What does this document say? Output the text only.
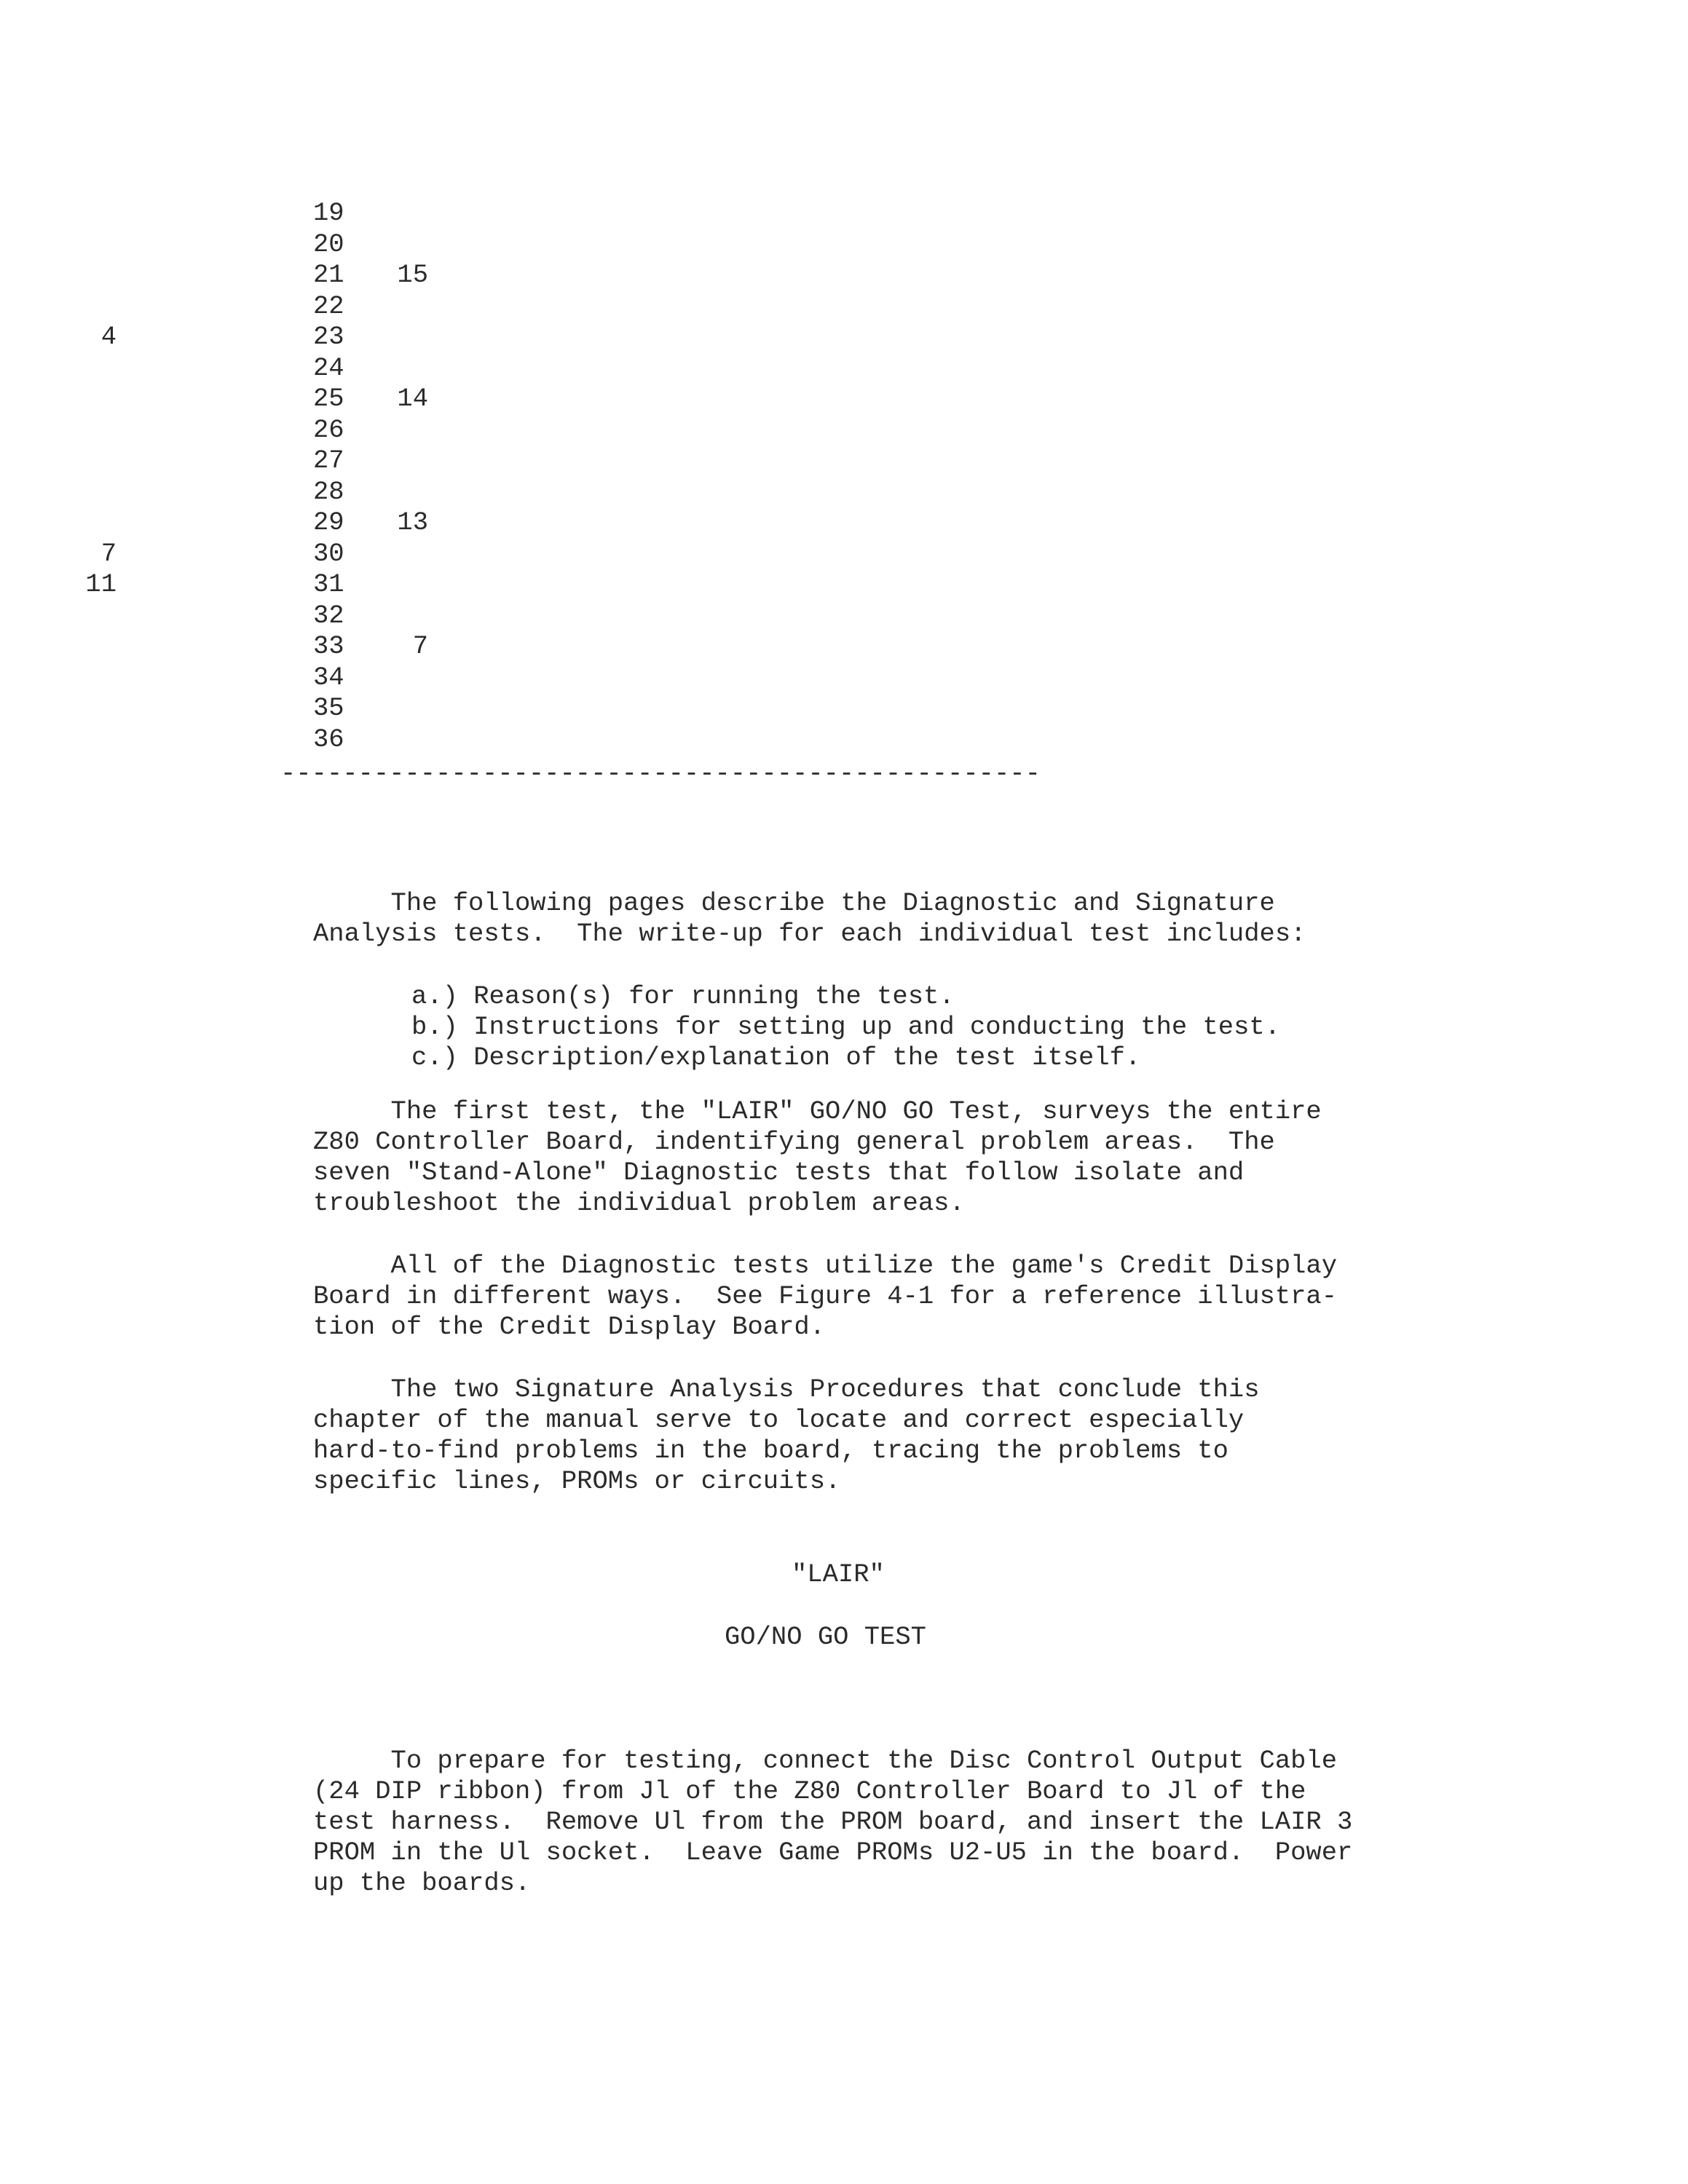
19
20
21 15
22
23
4
24
25 14
26
27
28
29 13
30
7
31
11
32
33	7
34
35
36
-------------------------------------------------
The following pages describe the Diagnostic and Signature
Analysis tests.  The write-up for each individual test includes:
a.) Reason(s) for running the test.
b.) Instructions for setting up and conducting the test.
c.) Description/explanation of the test itself.
The first test, the "LAIR" GO/NO GO Test, surveys the entire
Z80 Controller Board, indentifying general problem areas.  The
seven "Stand-Alone" Diagnostic tests that follow isolate and
troubleshoot the individual problem areas.
All of the Diagnostic tests utilize the game's Credit Display
Board in different ways.  See Figure 4-1 for a reference illustra-
tion of the Credit Display Board.
The two Signature Analysis Procedures that conclude this
chapter of the manual serve to locate and correct especially
hard-to-find problems in the board, tracing the problems to
specific lines, PROMs or circuits.
"LAIR"
GO/NO GO TEST
To prepare for testing, connect the Disc Control Output Cable
(24 DIP ribbon) from Jl of the Z80 Controller Board to Jl of the
test harness.  Remove Ul from the PROM board, and insert the LAIR 3
PROM in the Ul socket.  Leave Game PROMs U2-U5 in the board.  Power
up the boards.
